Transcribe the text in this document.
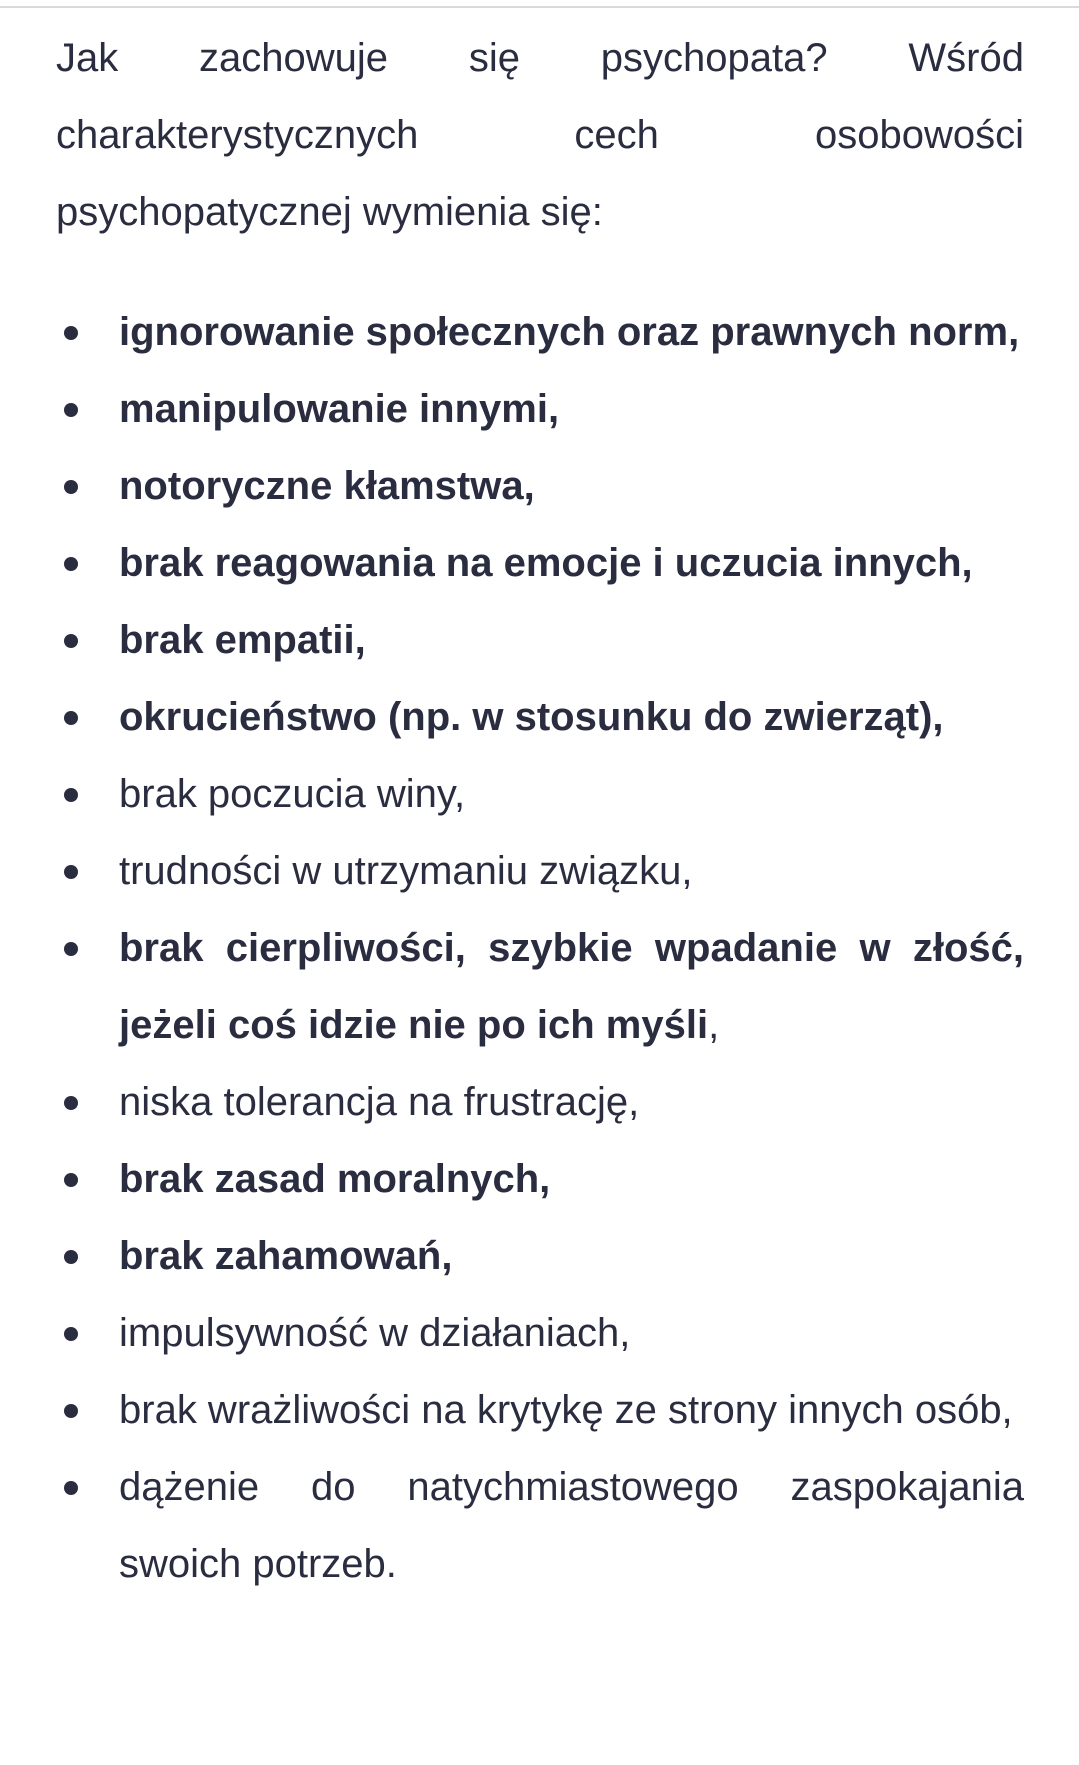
Jak zachowuje się psychopata? Wśród charakterystycznych cech osobowości psychopatycznej wymienia się:

ignorowanie społecznych oraz prawnych norm,
manipulowanie innymi,
notoryczne kłamstwa,
brak reagowania na emocje i uczucia innych,
brak empatii,
okrucieństwo (np. w stosunku do zwierząt),
brak poczucia winy,
trudności w utrzymaniu związku,
brak cierpliwości, szybkie wpadanie w złość, jeżeli coś idzie nie po ich myśli,
niska tolerancja na frustrację,
brak zasad moralnych,
brak zahamowań,
impulsywność w działaniach,
brak wrażliwości na krytykę ze strony innych osób,
dążenie do natychmiastowego zaspokajania swoich potrzeb.
